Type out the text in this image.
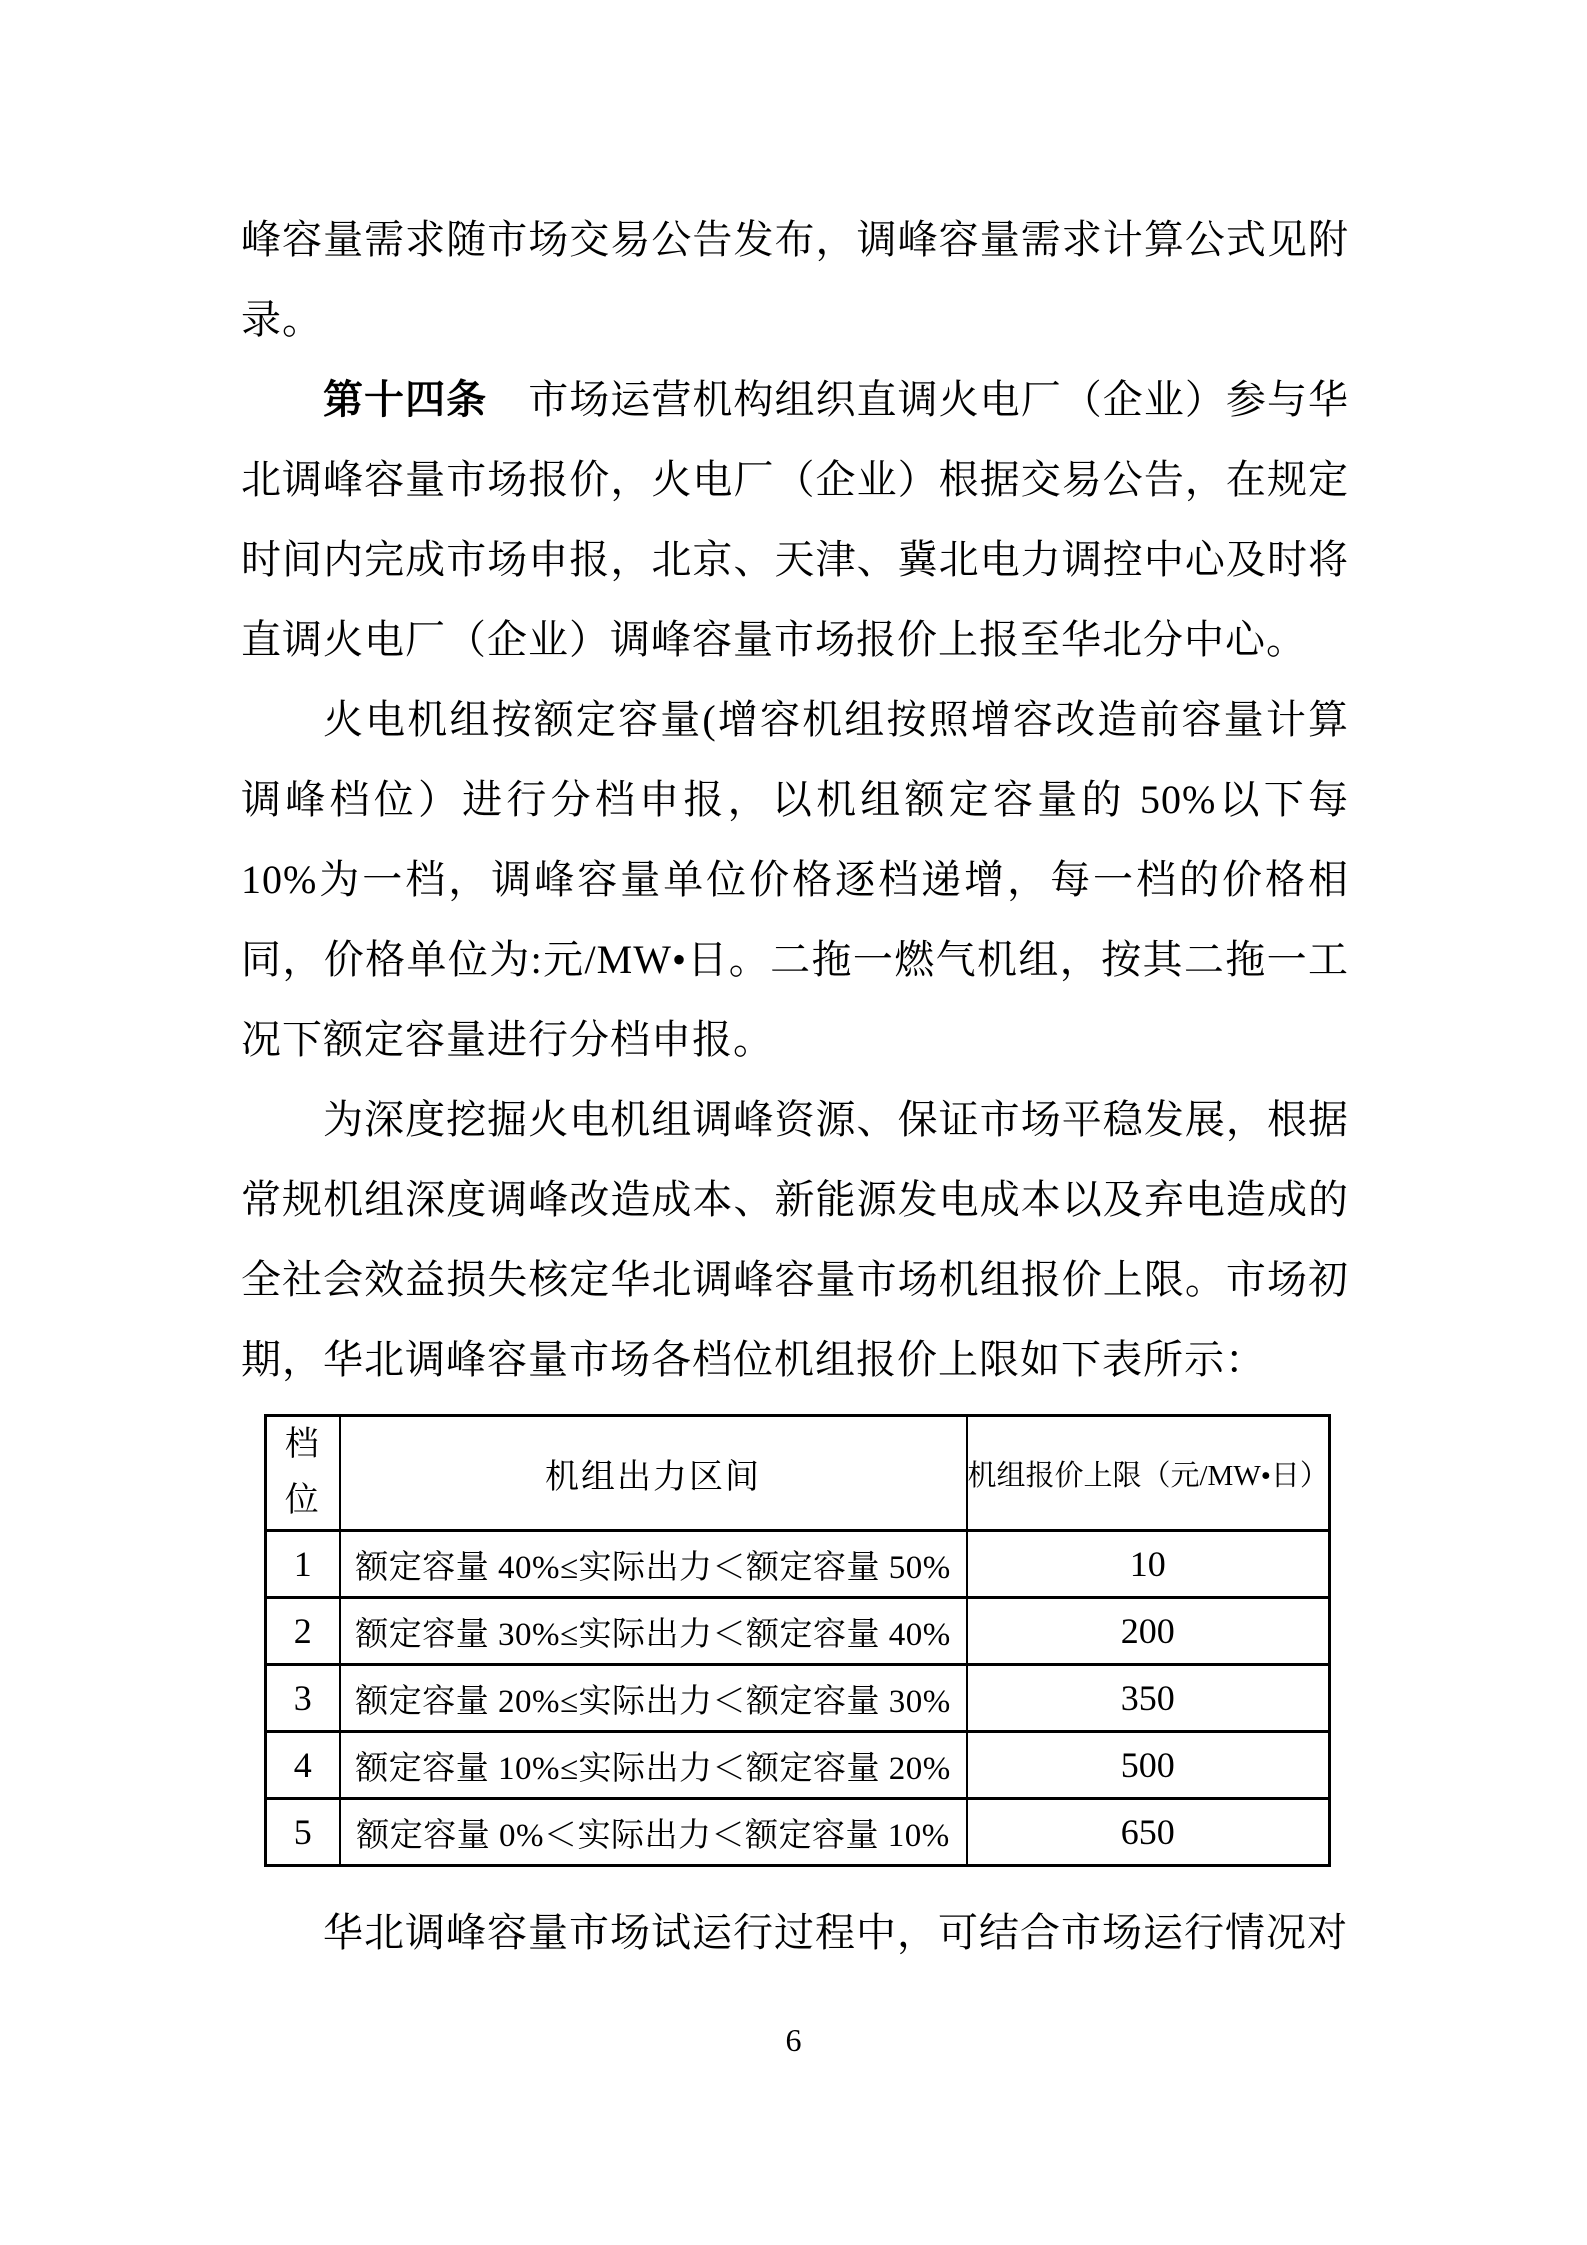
峰容量需求随市场交易公告发布，调峰容量需求计算公式见附录。

第十四条　市场运营机构组织直调火电厂（企业）参与华北调峰容量市场报价，火电厂（企业）根据交易公告，在规定时间内完成市场申报，北京、天津、冀北电力调控中心及时将直调火电厂（企业）调峰容量市场报价上报至华北分中心。

火电机组按额定容量(增容机组按照增容改造前容量计算调峰档位）进行分档申报，以机组额定容量的 50%以下每 10%为一档，调峰容量单位价格逐档递增，每一档的价格相同，价格单位为:元/MW•日。二拖一燃气机组，按其二拖一工况下额定容量进行分档申报。

为深度挖掘火电机组调峰资源、保证市场平稳发展，根据常规机组深度调峰改造成本、新能源发电成本以及弃电造成的全社会效益损失核定华北调峰容量市场机组报价上限。市场初期，华北调峰容量市场各档位机组报价上限如下表所示：

档位	机组出力区间	机组报价上限（元/MW•日）
1	额定容量 40%≤实际出力＜额定容量 50%	10
2	额定容量 30%≤实际出力＜额定容量 40%	200
3	额定容量 20%≤实际出力＜额定容量 30%	350
4	额定容量 10%≤实际出力＜额定容量 20%	500
5	额定容量 0%＜实际出力＜额定容量 10%	650

华北调峰容量市场试运行过程中，可结合市场运行情况对

6
